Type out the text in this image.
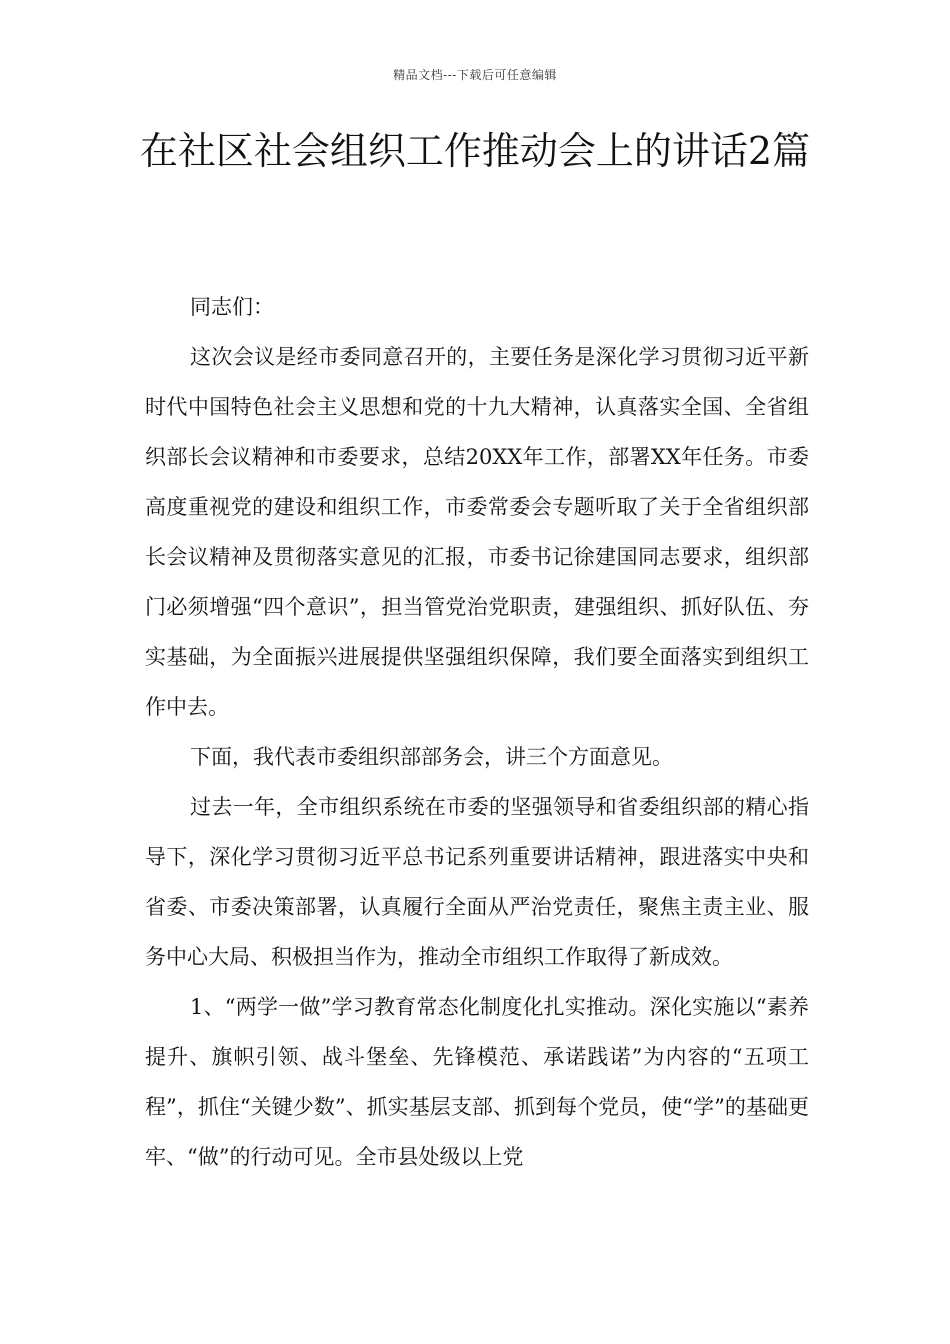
精品文档---下载后可任意编辑
在社区社会组织工作推动会上的讲话2篇

同志们：

这次会议是经市委同意召开的，主要任务是深化学习贯彻习近平新时代中国特色社会主义思想和党的十九大精神，认真落实全国、全省组织部长会议精神和市委要求，总结20XX年工作，部署XX年任务。市委高度重视党的建设和组织工作，市委常委会专题听取了关于全省组织部长会议精神及贯彻落实意见的汇报，市委书记徐建国同志要求，组织部门必须增强“四个意识”，担当管党治党职责，建强组织、抓好队伍、夯实基础，为全面振兴进展提供坚强组织保障，我们要全面落实到组织工作中去。

下面，我代表市委组织部部务会，讲三个方面意见。

过去一年，全市组织系统在市委的坚强领导和省委组织部的精心指导下，深化学习贯彻习近平总书记系列重要讲话精神，跟进落实中央和省委、市委决策部署，认真履行全面从严治党责任，聚焦主责主业、服务中心大局、积极担当作为，推动全市组织工作取得了新成效。

1、“两学一做”学习教育常态化制度化扎实推动。深化实施以“素养提升、旗帜引领、战斗堡垒、先锋模范、承诺践诺”为内容的“五项工程”，抓住“关键少数”、抓实基层支部、抓到每个党员，使“学”的基础更牢、“做”的行动可见。全市县处级以上党
